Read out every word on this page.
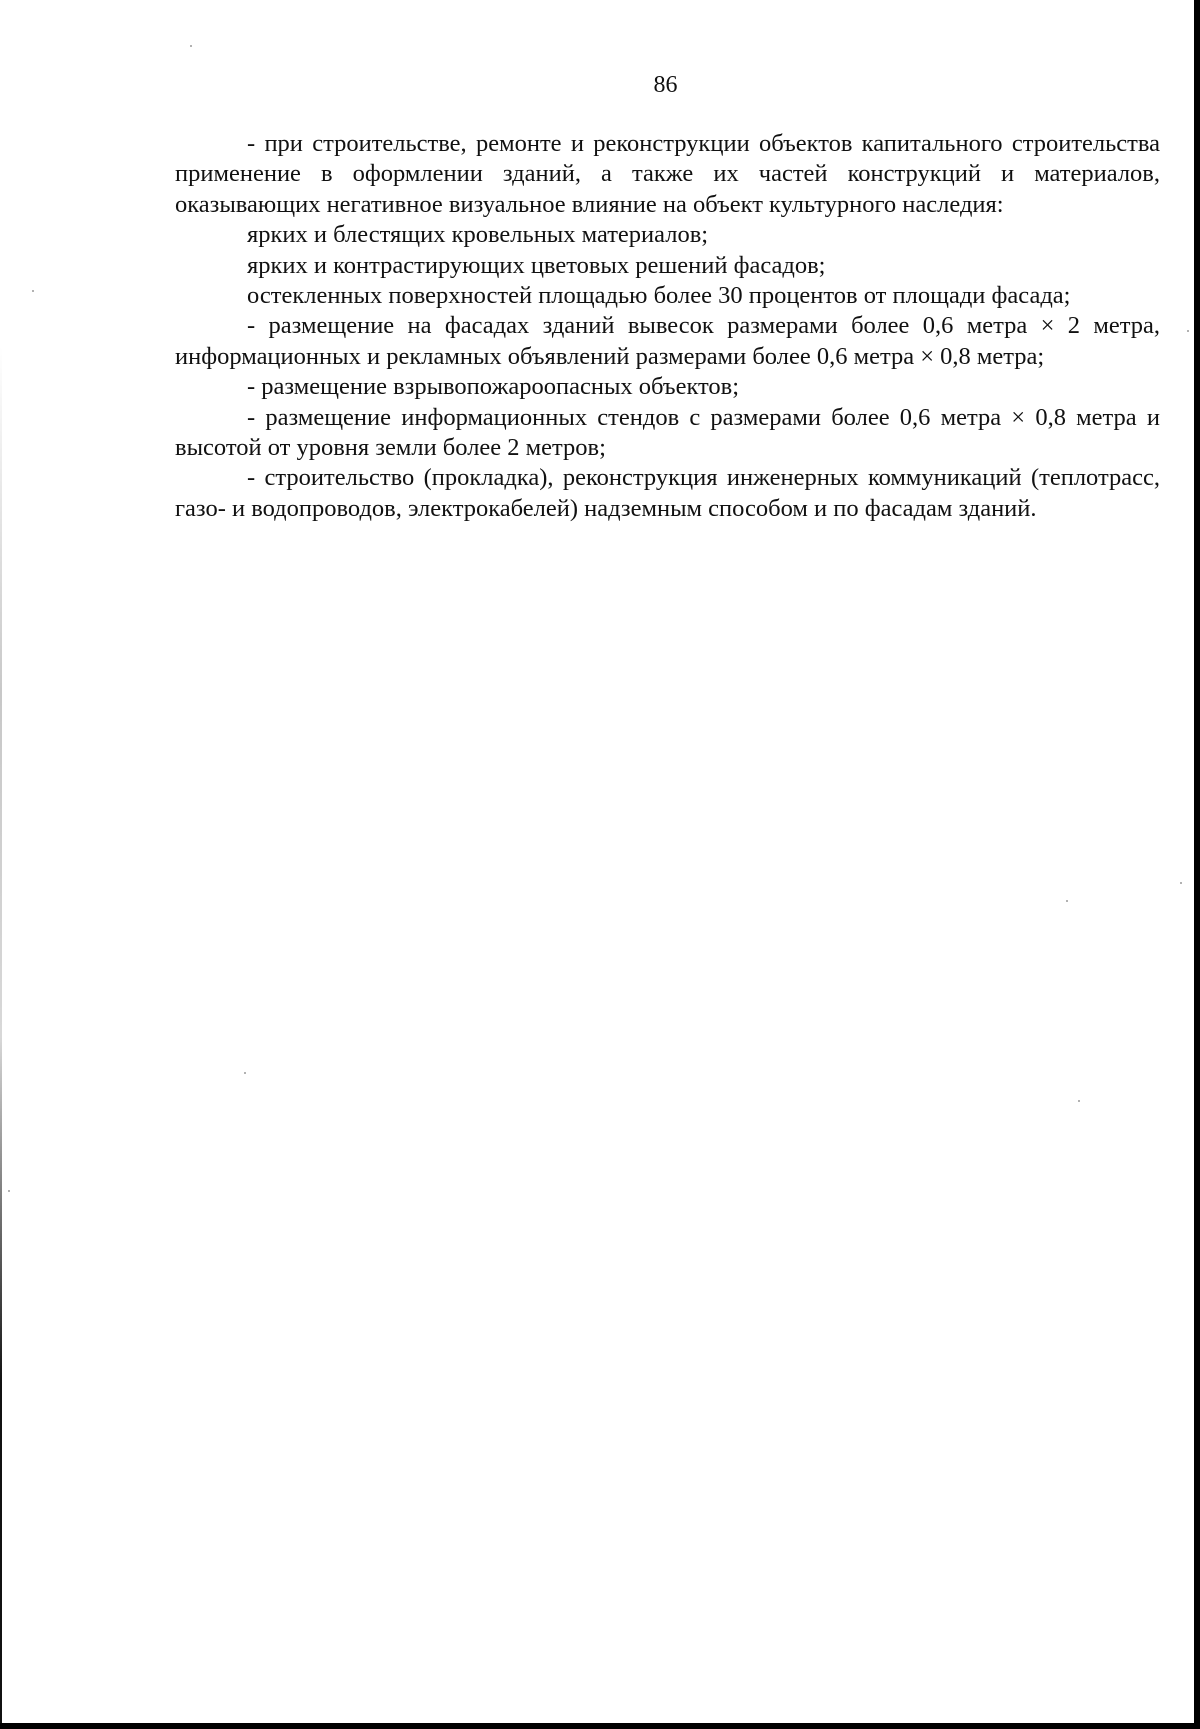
86

- при строительстве, ремонте и реконструкции объектов капитального строительства применение в оформлении зданий, а также их частей конструкций и материалов, оказывающих негативное визуальное влияние на объект культурного наследия:

ярких и блестящих кровельных материалов;

ярких и контрастирующих цветовых решений фасадов;

остекленных поверхностей площадью более 30 процентов от площади фасада;

- размещение на фасадах зданий вывесок размерами более 0,6 метра × 2 метра, информационных и рекламных объявлений размерами более 0,6 метра × 0,8 метра;

- размещение взрывопожароопасных объектов;

- размещение информационных стендов с размерами более 0,6 метра × 0,8 метра и высотой от уровня земли более 2 метров;

- строительство (прокладка), реконструкция инженерных коммуникаций (теплотрасс, газо- и водопроводов, электрокабелей) надземным способом и по фасадам зданий.
